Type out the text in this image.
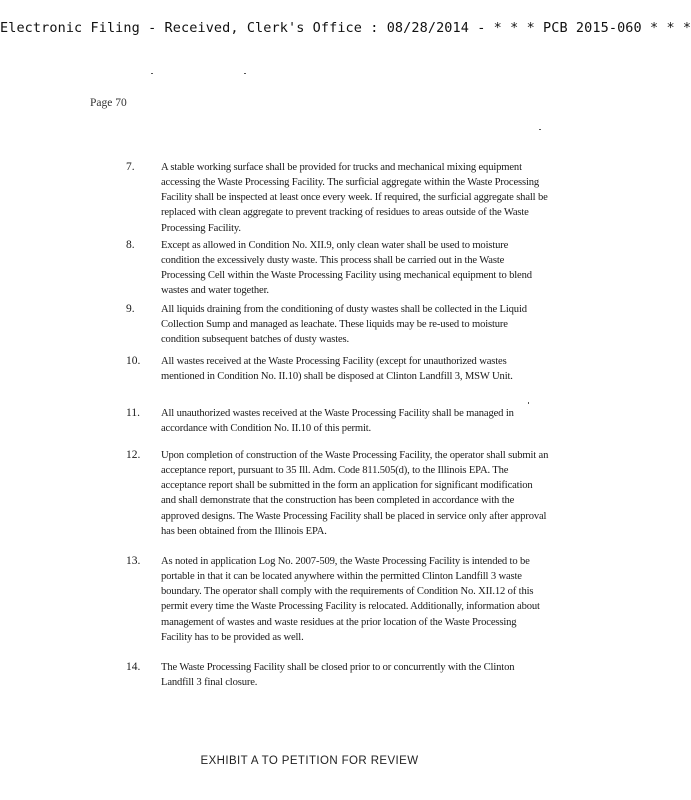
Electronic Filing - Received, Clerk's Office : 08/28/2014 - * * * PCB 2015-060 * * *
Page 70
7. A stable working surface shall be provided for trucks and mechanical mixing equipment accessing the Waste Processing Facility. The surficial aggregate within the Waste Processing Facility shall be inspected at least once every week. If required, the surficial aggregate shall be replaced with clean aggregate to prevent tracking of residues to areas outside of the Waste Processing Facility.
8. Except as allowed in Condition No. XII.9, only clean water shall be used to moisture condition the excessively dusty waste. This process shall be carried out in the Waste Processing Cell within the Waste Processing Facility using mechanical equipment to blend wastes and water together.
9. All liquids draining from the conditioning of dusty wastes shall be collected in the Liquid Collection Sump and managed as leachate. These liquids may be re-used to moisture condition subsequent batches of dusty wastes.
10. All wastes received at the Waste Processing Facility (except for unauthorized wastes mentioned in Condition No. II.10) shall be disposed at Clinton Landfill 3, MSW Unit.
11. All unauthorized wastes received at the Waste Processing Facility shall be managed in accordance with Condition No. II.10 of this permit.
12. Upon completion of construction of the Waste Processing Facility, the operator shall submit an acceptance report, pursuant to 35 Ill. Adm. Code 811.505(d), to the Illinois EPA. The acceptance report shall be submitted in the form an application for significant modification and shall demonstrate that the construction has been completed in accordance with the approved designs. The Waste Processing Facility shall be placed in service only after approval has been obtained from the Illinois EPA.
13. As noted in application Log No. 2007-509, the Waste Processing Facility is intended to be portable in that it can be located anywhere within the permitted Clinton Landfill 3 waste boundary. The operator shall comply with the requirements of Condition No. XII.12 of this permit every time the Waste Processing Facility is relocated. Additionally, information about management of wastes and waste residues at the prior location of the Waste Processing Facility has to be provided as well.
14. The Waste Processing Facility shall be closed prior to or concurrently with the Clinton Landfill 3 final closure.
EXHIBIT A TO PETITION FOR REVIEW
